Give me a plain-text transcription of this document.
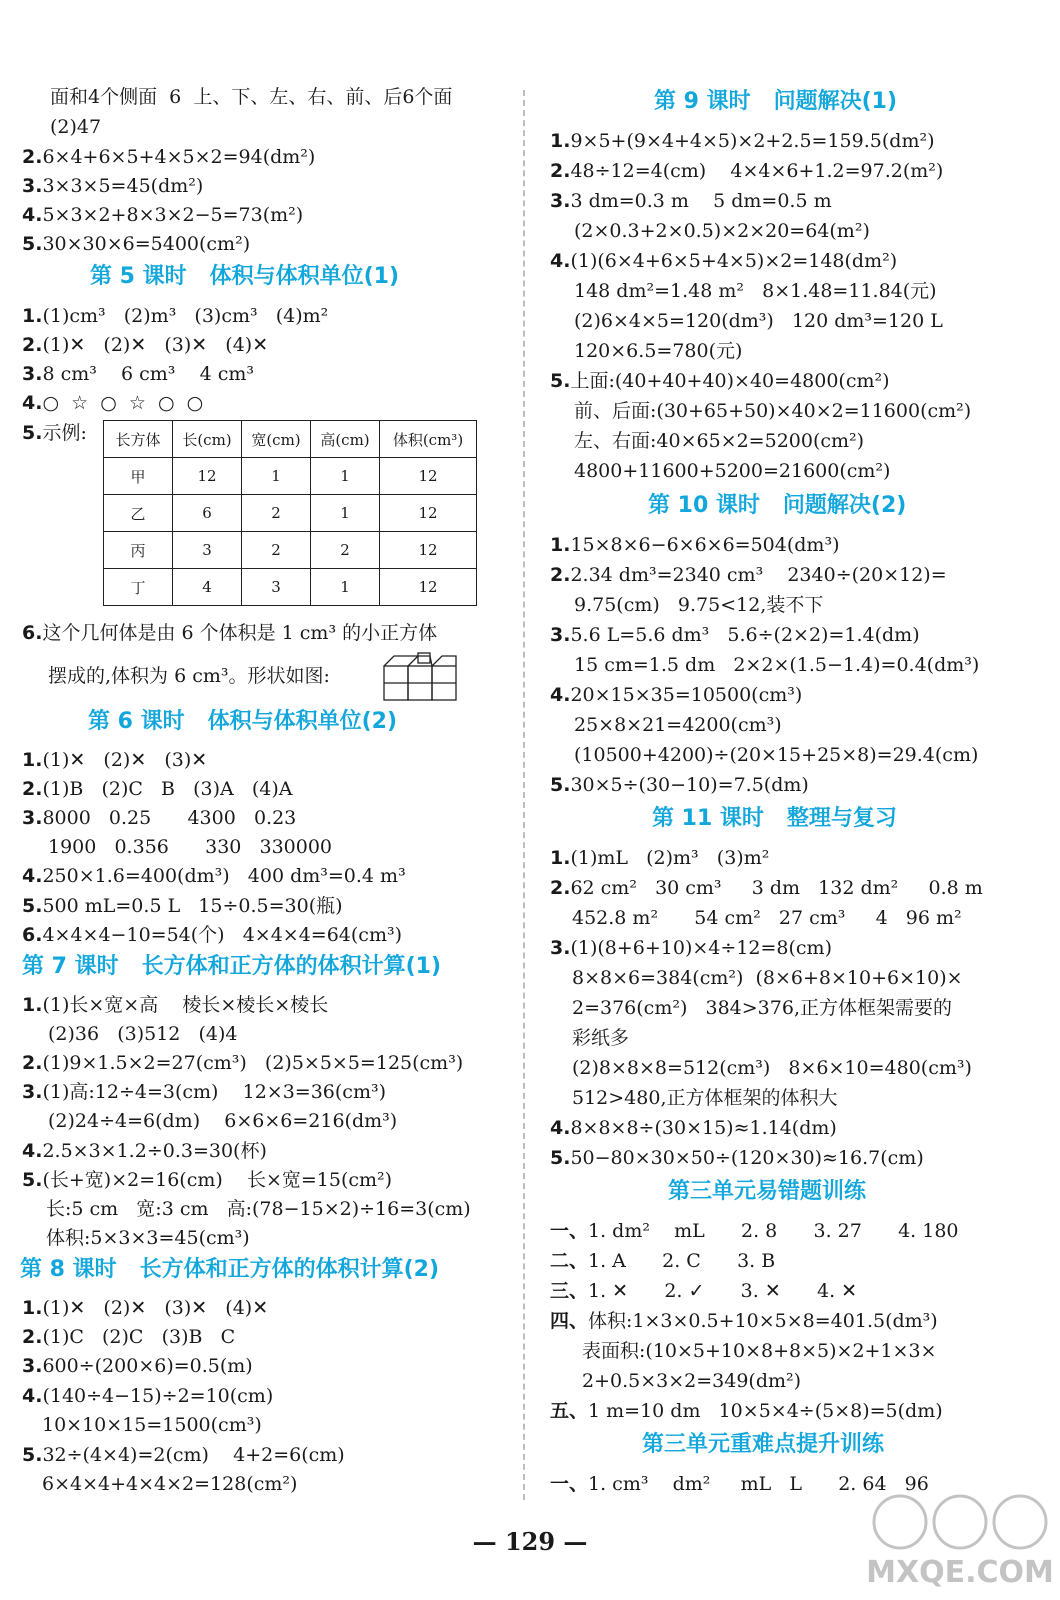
面和4个侧面  6  上、下、左、右、前、后6个面
(2)47
2.6×4+6×5+4×5×2=94(dm²)
3.3×3×5=45(dm²)
4.5×3×2+8×3×2−5=73(m²)
5.30×30×6=5400(cm²)
第 5 课时   体积与体积单位(1)
1.(1)cm³   (2)m³   (3)cm³   (4)m²
2.(1)✕   (2)✕   (3)✕   (4)✕
3.8 cm³    6 cm³    4 cm³
4.○  ☆  ○  ☆  ○  ○
5.示例: 长方体	长(cm)	宽(cm)	高(cm)	体积(cm³)
甲	12	1	1	12
乙	6	2	1	12
丙	3	2	2	12
丁	4	3	1	12
6.这个几何体是由 6 个体积是 1 cm³ 的小正方体
摆成的,体积为 6 cm³。形状如图:
第 6 课时   体积与体积单位(2)
1.(1)✕   (2)✕   (3)✕
2.(1)B   (2)C   B   (3)A   (4)A
3.8000   0.25      4300   0.23
1900   0.356      330   330000
4.250×1.6=400(dm³)   400 dm³=0.4 m³
5.500 mL=0.5 L   15÷0.5=30(瓶)
6.4×4×4−10=54(个)   4×4×4=64(cm³)
第 7 课时   长方体和正方体的体积计算(1)
1.(1)长×宽×高    棱长×棱长×棱长
(2)36   (3)512   (4)4
2.(1)9×1.5×2=27(cm³)   (2)5×5×5=125(cm³)
3.(1)高:12÷4=3(cm)    12×3=36(cm³)
(2)24÷4=6(dm)    6×6×6=216(dm³)
4.2.5×3×1.2÷0.3=30(杯)
5.(长+宽)×2=16(cm)    长×宽=15(cm²)
长:5 cm   宽:3 cm   高:(78−15×2)÷16=3(cm)
体积:5×3×3=45(cm³)
第 8 课时   长方体和正方体的体积计算(2)
1.(1)✕   (2)✕   (3)✕   (4)✕
2.(1)C   (2)C   (3)B   C
3.600÷(200×6)=0.5(m)
4.(140÷4−15)÷2=10(cm)
10×10×15=1500(cm³)
5.32÷(4×4)=2(cm)    4+2=6(cm)
6×4×4+4×4×2=128(cm²)
第 9 课时   问题解决(1)
1.9×5+(9×4+4×5)×2+2.5=159.5(dm²)
2.48÷12=4(cm)    4×4×6+1.2=97.2(m²)
3.3 dm=0.3 m    5 dm=0.5 m
(2×0.3+2×0.5)×2×20=64(m²)
4.(1)(6×4+6×5+4×5)×2=148(dm²)
148 dm²=1.48 m²   8×1.48=11.84(元)
(2)6×4×5=120(dm³)   120 dm³=120 L
120×6.5=780(元)
5.上面:(40+40+40)×40=4800(cm²)
前、后面:(30+65+50)×40×2=11600(cm²)
左、右面:40×65×2=5200(cm²)
4800+11600+5200=21600(cm²)
第 10 课时   问题解决(2)
1.15×8×6−6×6×6=504(dm³)
2.2.34 dm³=2340 cm³    2340÷(20×12)=
9.75(cm)   9.75<12,装不下
3.5.6 L=5.6 dm³   5.6÷(2×2)=1.4(dm)
15 cm=1.5 dm   2×2×(1.5−1.4)=0.4(dm³)
4.20×15×35=10500(cm³)
25×8×21=4200(cm³)
(10500+4200)÷(20×15+25×8)=29.4(cm)
5.30×5÷(30−10)=7.5(dm)
第 11 课时   整理与复习
1.(1)mL   (2)m³   (3)m²
2.62 cm²   30 cm³     3 dm   132 dm²     0.8 m
452.8 m²      54 cm²   27 cm³     4   96 m²
3.(1)(8+6+10)×4÷12=8(cm)
8×8×6=384(cm²)  (8×6+8×10+6×10)×
2=376(cm²)   384>376,正方体框架需要的
彩纸多
(2)8×8×8=512(cm³)   8×6×10=480(cm³)
512>480,正方体框架的体积大
4.8×8×8÷(30×15)≈1.14(dm)
5.50−80×30×50÷(120×30)≈16.7(cm)
第三单元易错题训练
一、1. dm²    mL      2. 8      3. 27      4. 180
二、1. A      2. C      3. B
三、1. ✕      2. ✓      3. ✕      4. ✕
四、体积:1×3×0.5+10×5×8=401.5(dm³)
表面积:(10×5+10×8+8×5)×2+1×3×
2+0.5×3×2=349(dm²)
五、1 m=10 dm   10×5×4÷(5×8)=5(dm)
第三单元重难点提升训练
一、1. cm³    dm²     mL   L      2. 64   96
— 129 —
MXQE.COM
